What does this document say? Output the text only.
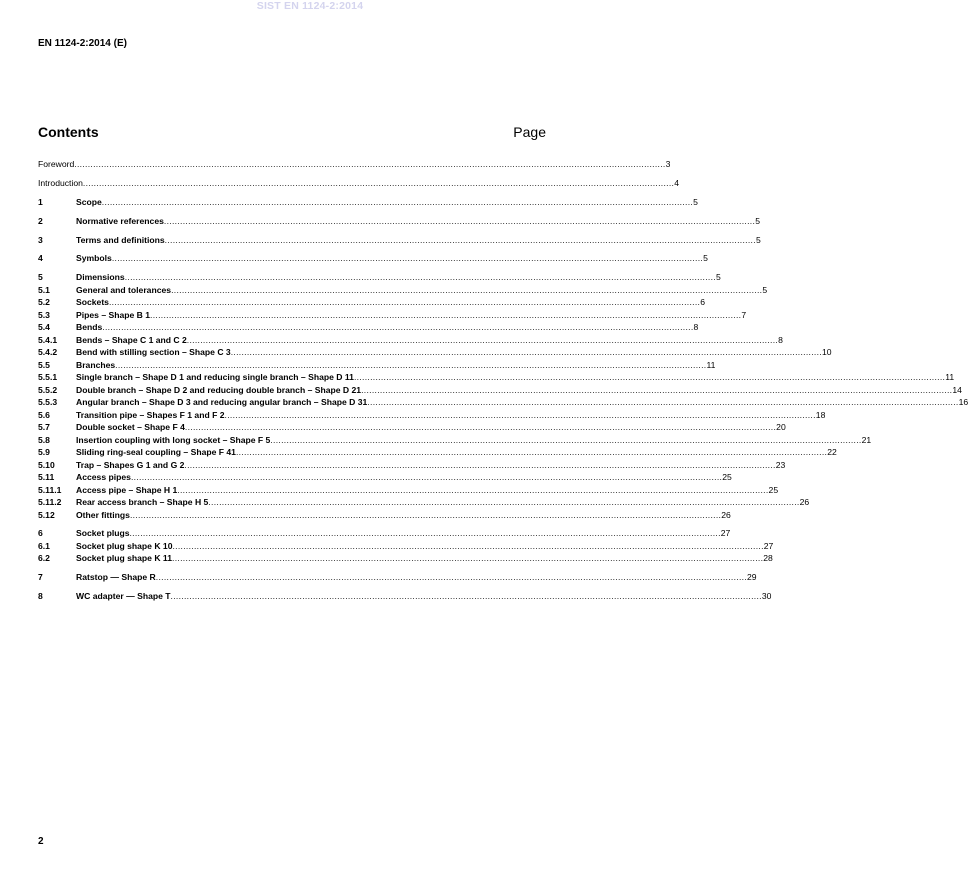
SIST EN 1124-2:2014
EN 1124-2:2014 (E)
Contents	Page
Foreword ............................................................................................................................................................................................................................ 3
Introduction ............................................................................................................................................................................................................................ 4
1	Scope ............................................................................................................................................................................................................................ 5
2	Normative references ............................................................................................................................................................................................................................ 5
3	Terms and definitions ............................................................................................................................................................................................................................ 5
4	Symbols ............................................................................................................................................................................................................................ 5
5	Dimensions ............................................................................................................................................................................................................................ 5
5.1	General and tolerances ............................................................................................................................................................................................................................ 5
5.2	Sockets ............................................................................................................................................................................................................................ 6
5.3	Pipes – Shape B 1 ............................................................................................................................................................................................................................ 7
5.4	Bends ............................................................................................................................................................................................................................ 8
5.4.1	Bends – Shape C 1 and C 2 ............................................................................................................................................................................................................................ 8
5.4.2	Bend with stilling section – Shape C 3 ............................................................................................................................................................................................................................ 10
5.5	Branches ............................................................................................................................................................................................................................ 11
5.5.1	Single branch – Shape D 1 and reducing single branch – Shape D 11 ............................................................................................................................................................................................................................ 11
5.5.2	Double branch – Shape D 2 and reducing double branch – Shape D 21 ............................................................................................................................................................................................................................ 14
5.5.3	Angular branch – Shape D 3 and reducing angular branch – Shape D 31 ............................................................................................................................................................................................................................ 16
5.6	Transition pipe – Shapes F 1 and F 2 ............................................................................................................................................................................................................................ 18
5.7	Double socket – Shape F 4 ............................................................................................................................................................................................................................ 20
5.8	Insertion coupling with long socket – Shape F 5 ............................................................................................................................................................................................................................ 21
5.9	Sliding ring-seal coupling – Shape F 41 ............................................................................................................................................................................................................................ 22
5.10	Trap – Shapes G 1 and G 2 ............................................................................................................................................................................................................................ 23
5.11	Access pipes ............................................................................................................................................................................................................................ 25
5.11.1	Access pipe – Shape H 1 ............................................................................................................................................................................................................................ 25
5.11.2	Rear access branch – Shape H 5 ............................................................................................................................................................................................................................ 26
5.12	Other fittings ............................................................................................................................................................................................................................ 26
6	Socket plugs ............................................................................................................................................................................................................................ 27
6.1	Socket plug shape K 10 ............................................................................................................................................................................................................................ 27
6.2	Socket plug shape K 11 ............................................................................................................................................................................................................................ 28
7	Ratstop — Shape R ............................................................................................................................................................................................................................ 29
8	WC adapter — Shape T ............................................................................................................................................................................................................................ 30
2
